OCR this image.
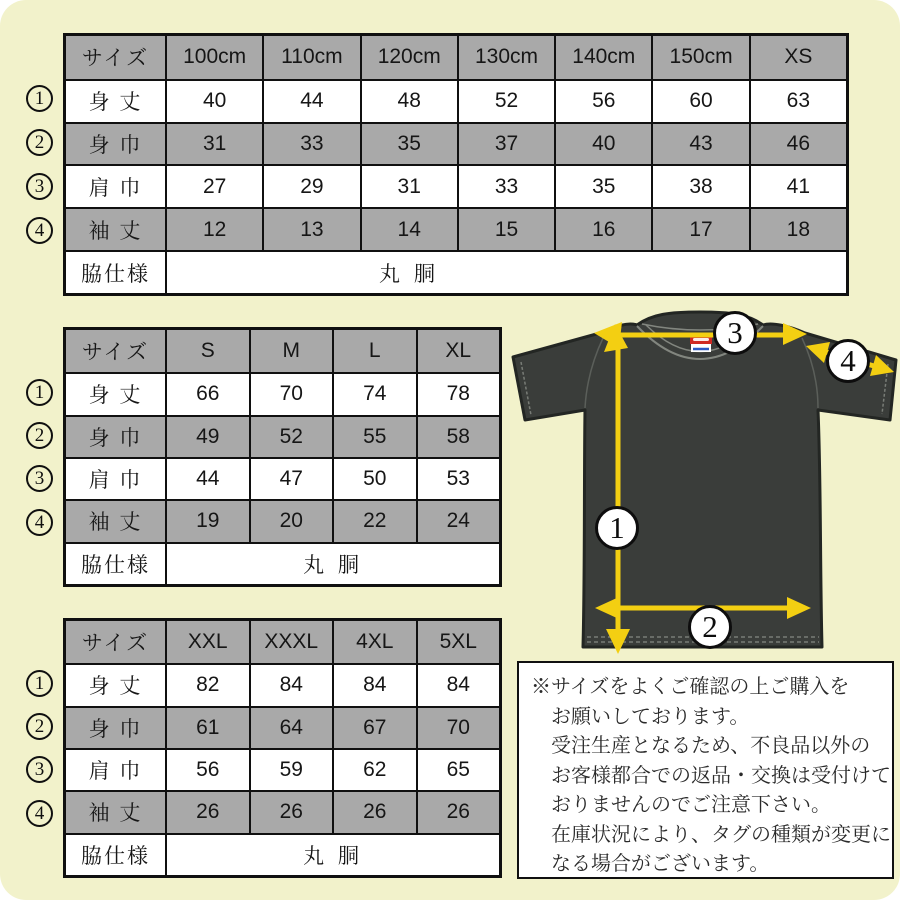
サイズ	100cm	110cm	120cm	130cm	140cm	150cm	XS
身 丈	40	44	48	52	56	60	63
身 巾	31	33	35	37	40	43	46
肩 巾	27	29	31	33	35	38	41
袖 丈	12	13	14	15	16	17	18
脇仕様	丸 胴
サイズ	S	M	L	XL
身 丈	66	70	74	78
身 巾	49	52	55	58
肩 巾	44	47	50	53
袖 丈	19	20	22	24
脇仕様	丸 胴
サイズ	XXL	XXXL	4XL	5XL
身 丈	82	84	84	84
身 巾	61	64	67	70
肩 巾	56	59	62	65
袖 丈	26	26	26	26
脇仕様	丸 胴
1
2
3
4
※サイズをよくご確認の上ご購入を
お願いしております。
受注生産となるため、不良品以外の
お客様都合での返品・交換は受付けて
おりませんのでご注意下さい。
在庫状況により、タグの種類が変更に
なる場合がございます。
1
2
3
4
1
2
3
4
1
2
3
4
